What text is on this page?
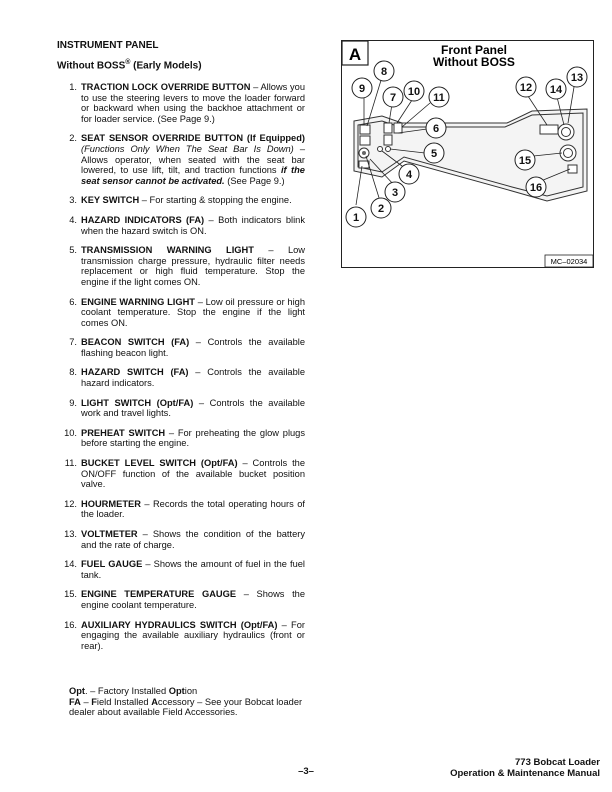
INSTRUMENT PANEL
Without BOSS® (Early Models)
1. TRACTION LOCK OVERRIDE BUTTON – Allows you to use the steering levers to move the loader forward or backward when using the backhoe attachment or for loader service. (See Page 9.)
2. SEAT SENSOR OVERRIDE BUTTON (If Equipped) (Functions Only When The Seat Bar Is Down) – Allows operator, when seated with the seat bar lowered, to use lift, tilt, and traction functions if the seat sensor cannot be activated. (See Page 9.)
3. KEY SWITCH – For starting & stopping the engine.
4. HAZARD INDICATORS (FA) – Both indicators blink when the hazard switch is ON.
5. TRANSMISSION WARNING LIGHT – Low transmission charge pressure, hydraulic filter needs replacement or high fluid temperature. Stop the engine if the light comes ON.
6. ENGINE WARNING LIGHT – Low oil pressure or high coolant temperature. Stop the engine if the light comes ON.
7. BEACON SWITCH (FA) – Controls the available flashing beacon light.
8. HAZARD SWITCH (FA) – Controls the available hazard indicators.
9. LIGHT SWITCH (Opt/FA) – Controls the available work and travel lights.
10. PREHEAT SWITCH – For preheating the glow plugs before starting the engine.
11. BUCKET LEVEL SWITCH (Opt/FA) – Controls the ON/OFF function of the available bucket position valve.
12. HOURMETER – Records the total operating hours of the loader.
13. VOLTMETER – Shows the condition of the battery and the rate of charge.
14. FUEL GAUGE – Shows the amount of fuel in the fuel tank.
15. ENGINE TEMPERATURE GAUGE – Shows the engine coolant temperature.
16. AUXILIARY HYDRAULICS SWITCH (Opt/FA) – For engaging the available auxiliary hydraulics (front or rear).
Opt. – Factory Installed Option
FA – Field Installed Accessory – See your Bobcat loader dealer about available Field Accessories.
A	Front Panel
Without BOSS
1
2
3
4
5
6
7
8
9	10 11
12
13
14
15
16
MC–02034
–3–
773 Bobcat Loader
Operation & Maintenance Manual
